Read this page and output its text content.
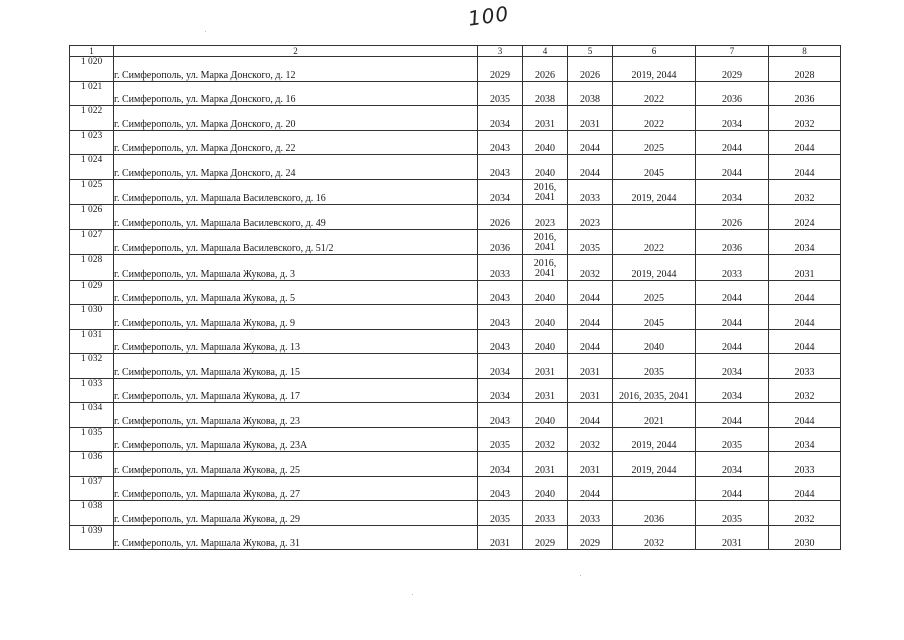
100
1	2	3	4	5	6	7	8
1 020	г. Симферополь, ул. Марка Донского, д. 12	2029	2026	2026	2019, 2044	2029	2028
1 021	г. Симферополь, ул. Марка Донского, д. 16	2035	2038	2038	2022	2036	2036
1 022	г. Симферополь, ул. Марка Донского, д. 20	2034	2031	2031	2022	2034	2032
1 023	г. Симферополь, ул. Марка Донского, д. 22	2043	2040	2044	2025	2044	2044
1 024	г. Симферополь, ул. Марка Донского, д. 24	2043	2040	2044	2045	2044	2044
1 025	г. Симферополь, ул. Маршала Василевского, д. 16	2034	2016, 2041	2033	2019, 2044	2034	2032
1 026	г. Симферополь, ул. Маршала Василевского, д. 49	2026	2023	2023		2026	2024
1 027	г. Симферополь, ул. Маршала Василевского, д. 51/2	2036	2016, 2041	2035	2022	2036	2034
1 028	г. Симферополь, ул. Маршала Жукова, д. 3	2033	2016, 2041	2032	2019, 2044	2033	2031
1 029	г. Симферополь, ул. Маршала Жукова, д. 5	2043	2040	2044	2025	2044	2044
1 030	г. Симферополь, ул. Маршала Жукова, д. 9	2043	2040	2044	2045	2044	2044
1 031	г. Симферополь, ул. Маршала Жукова, д. 13	2043	2040	2044	2040	2044	2044
1 032	г. Симферополь, ул. Маршала Жукова, д. 15	2034	2031	2031	2035	2034	2033
1 033	г. Симферополь, ул. Маршала Жукова, д. 17	2034	2031	2031	2016, 2035, 2041	2034	2032
1 034	г. Симферополь, ул. Маршала Жукова, д. 23	2043	2040	2044	2021	2044	2044
1 035	г. Симферополь, ул. Маршала Жукова, д. 23А	2035	2032	2032	2019, 2044	2035	2034
1 036	г. Симферополь, ул. Маршала Жукова, д. 25	2034	2031	2031	2019, 2044	2034	2033
1 037	г. Симферополь, ул. Маршала Жукова, д. 27	2043	2040	2044		2044	2044
1 038	г. Симферополь, ул. Маршала Жукова, д. 29	2035	2033	2033	2036	2035	2032
1 039	г. Симферополь, ул. Маршала Жукова, д. 31	2031	2029	2029	2032	2031	2030
